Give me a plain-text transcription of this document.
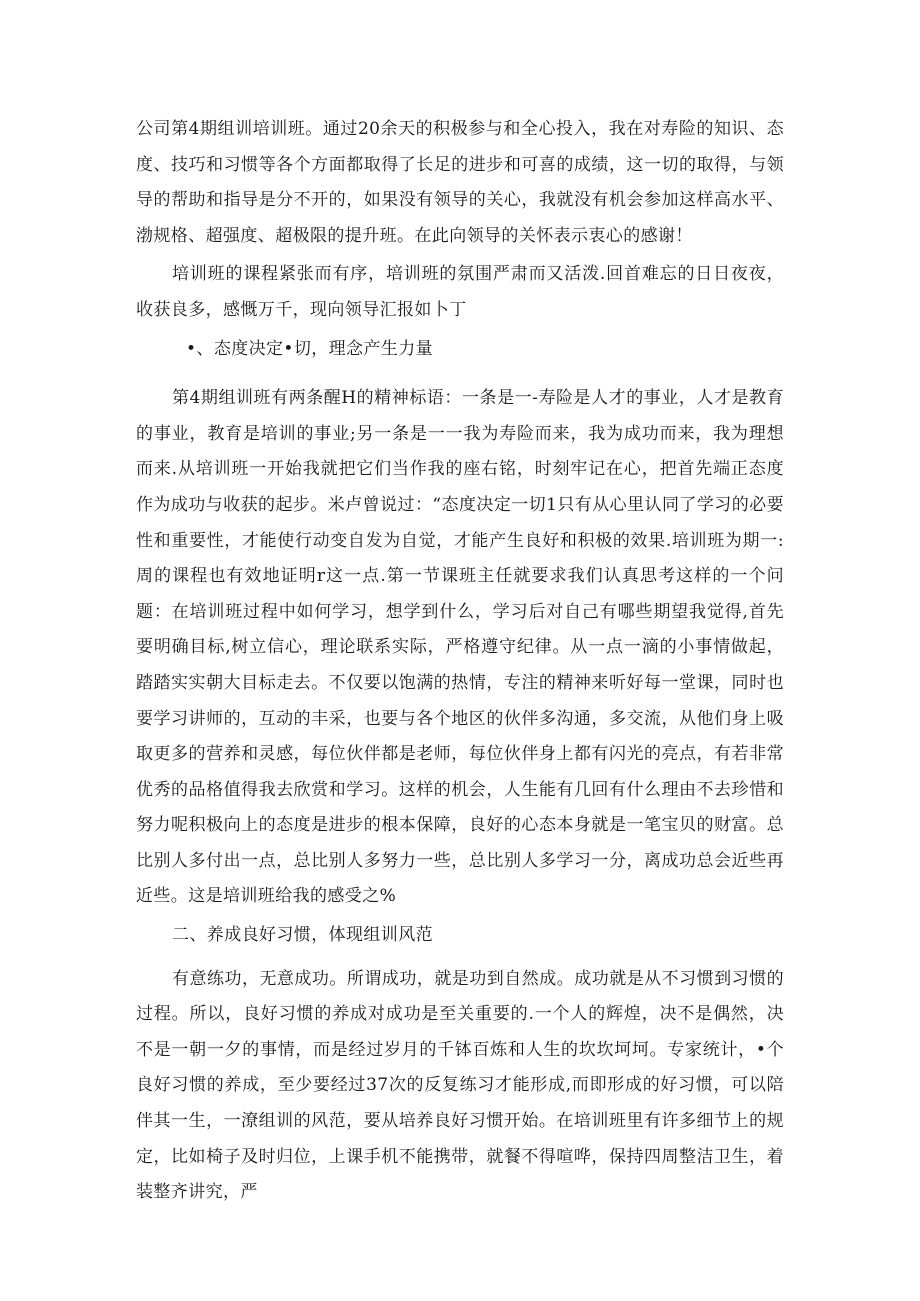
公司第4期组训培训班。通过20余天的积极参与和全心投入，我在对寿险的知识、态度、技巧和习惯等各个方面都取得了长足的进步和可喜的成绩，这一切的取得，与领导的帮助和指导是分不开的，如果没有领导的关心，我就没有机会参加这样高水平、渤规格、超强度、超极限的提升班。在此向领导的关怀表示衷心的感谢！

培训班的课程紧张而有序，培训班的氛围严肃而又活泼.回首难忘的日日夜夜，收获良多，感慨万千，现向领导汇报如卜丁

•、态度决定•切，理念产生力量

第4期组训班有两条醒H的精神标语：一条是一-寿险是人才的事业，人才是教育的事业，教育是培训的事业;另一条是一一我为寿险而来，我为成功而来，我为理想而来.从培训班一开始我就把它们当作我的座右铭，时刻牢记在心，把首先端正态度作为成功与收获的起步。米卢曾说过：“态度决定一切1只有从心里认同了学习的必要性和重要性，才能使行动变自发为自觉，才能产生良好和积极的效果.培训班为期一:周的课程也有效地证明r这一点.第一节课班主任就要求我们认真思考这样的一个问题：在培训班过程中如何学习，想学到什么，学习后对自己有哪些期望我觉得,首先要明确目标,树立信心，理论联系实际，严格遵守纪律。从一点一滴的小事情做起，踏踏实实朝大目标走去。不仅要以饱满的热情，专注的精神来听好每一堂课，同时也要学习讲师的，互动的丰采，也要与各个地区的伙伴多沟通，多交流，从他们身上吸取更多的营养和灵感，每位伙伴都是老师，每位伙伴身上都有闪光的亮点，有若非常优秀的品格值得我去欣赏和学习。这样的机会，人生能有几回有什么理由不去珍惜和努力呢积极向上的态度是进步的根本保障，良好的心态本身就是一笔宝贝的财富。总比别人多付出一点，总比别人多努力一些，总比别人多学习一分，离成功总会近些再近些。这是培训班给我的感受之%

二、养成良好习惯，体现组训风范

有意练功，无意成功。所谓成功，就是功到自然成。成功就是从不习惯到习惯的过程。所以，良好习惯的养成对成功是至关重要的.一个人的辉煌，决不是偶然，决不是一朝一夕的事情，而是经过岁月的千钵百炼和人生的坎坎坷坷。专家统计，•个良好习惯的养成，至少要经过37次的反复练习才能形成,而即形成的好习惯，可以陪伴其一生，一潦组训的风范，要从培养良好习惯开始。在培训班里有许多细节上的规定，比如椅子及时归位，上课手机不能携带，就餐不得喧哗，保持四周整洁卫生，着装整齐讲究，严
